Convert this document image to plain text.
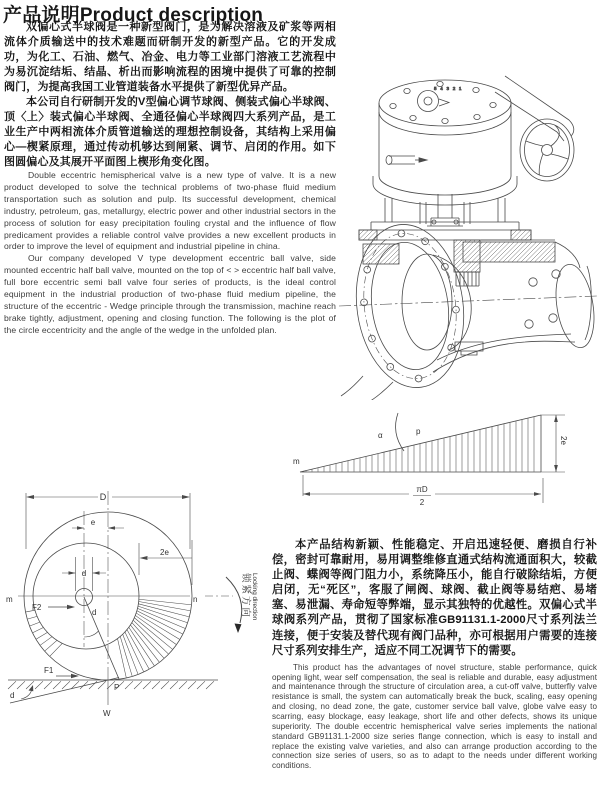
产品说明Product description

双偏心式半球阀是一种新型阀门，是为解决溶液及矿浆等两相流体介质输送中的技术难题而研制开发的新型产品。它的开发成功，为化工、石油、燃气、冶金、电力等工业部门溶液工艺流程中为易沉淀结垢、结晶、析出而影响流程的困境中提供了可靠的控制阀门，为提高我国工业管道装备水平提供了新型优异产品。

本公司自行研制开发的V型偏心调节球阀、侧装式偏心半球阀、顶〈上〉装式偏心半球阀、全通径偏心半球阀四大系列产品，是工业生产中两相流体介质管道输送的理想控制设备，其结构上采用偏心—楔紧原理，通过传动机够达到闸紧、调节、启闭的作用。如下图圆偏心及其展开平面图上楔形角变化图。

Double eccentric hemispherical valve is a new type of valve. It is a new product developed to solve the technical problems of two-phase fluid medium transportation such as solution and pulp. Its successful development, chemical industry, petroleum, gas, metallurgy, electric power and other industrial sectors in the process of solution for easy precipitation fouling crystal and the influence of flow predicament provides a reliable control valve provides a new excellent products in order to improve the level of equipment and industrial pipeline in china.

Our company developed V type development eccentric ball valve, side mounted eccentric half ball valve, mounted on the top of < > eccentric half ball valve, full bore eccentric semi ball valve four series of products, is the ideal control equipment in the industrial production of two-phase fluid medium pipeline, the structure of the eccentric - Wedge principle through the transmission, machine reach brake tightly, adjustment, opening and closing function. The following is the plot of the circle eccentricity and the angle of the wedge in the unfolded plan.

本产品结构新颖、性能稳定、开启迅速轻便、磨损自行补偿，密封可靠耐用，易用调整维修直通式结构流通面积大，较截止阀、蝶阀等阀门阻力小，系统降压小，能自行破除结垢，方便启闭，无“死区”，客服了闸阀、球阀、截止阀等易结疤、易堵塞、易泄漏、寿命短等弊端，显示其独特的优越性。双偏心式半球阀系列产品，贯彻了国家标准GB91131.1-2000尺寸系列法兰连接，便于安装及替代现有阀门品种，亦可根据用户需要的连接尺寸系列安排生产，适应不同工况调节下的需要。

This product has the advantages of novel structure, stable performance, quick opening light, wear self compensation, the seal is reliable and durable, easy adjustment and maintenance through the structure of circulation area, a cut-off valve, butterfly valve resistance is small, the system can automatically break the buck, scaling, easy opening and closing, no dead zone, the gate, customer service ball valve, globe valve easy to scarring, easy blockage, easy leakage, short life and other defects, shows its unique superiority. The double eccentric hemispherical valve series implements the national standard GB91131.1-2000 size series flange connection, which is easy to install and replace the existing valve varieties, and also can arrange production according to the connection size series of users, so as to adapt to the needs under different working conditions.

5 4 3 2 1
m
α	p
2e
πD
2
D
e
d
2e
m	n
F2
d
F1
P
W
d
锁紧方向 Locking direction
